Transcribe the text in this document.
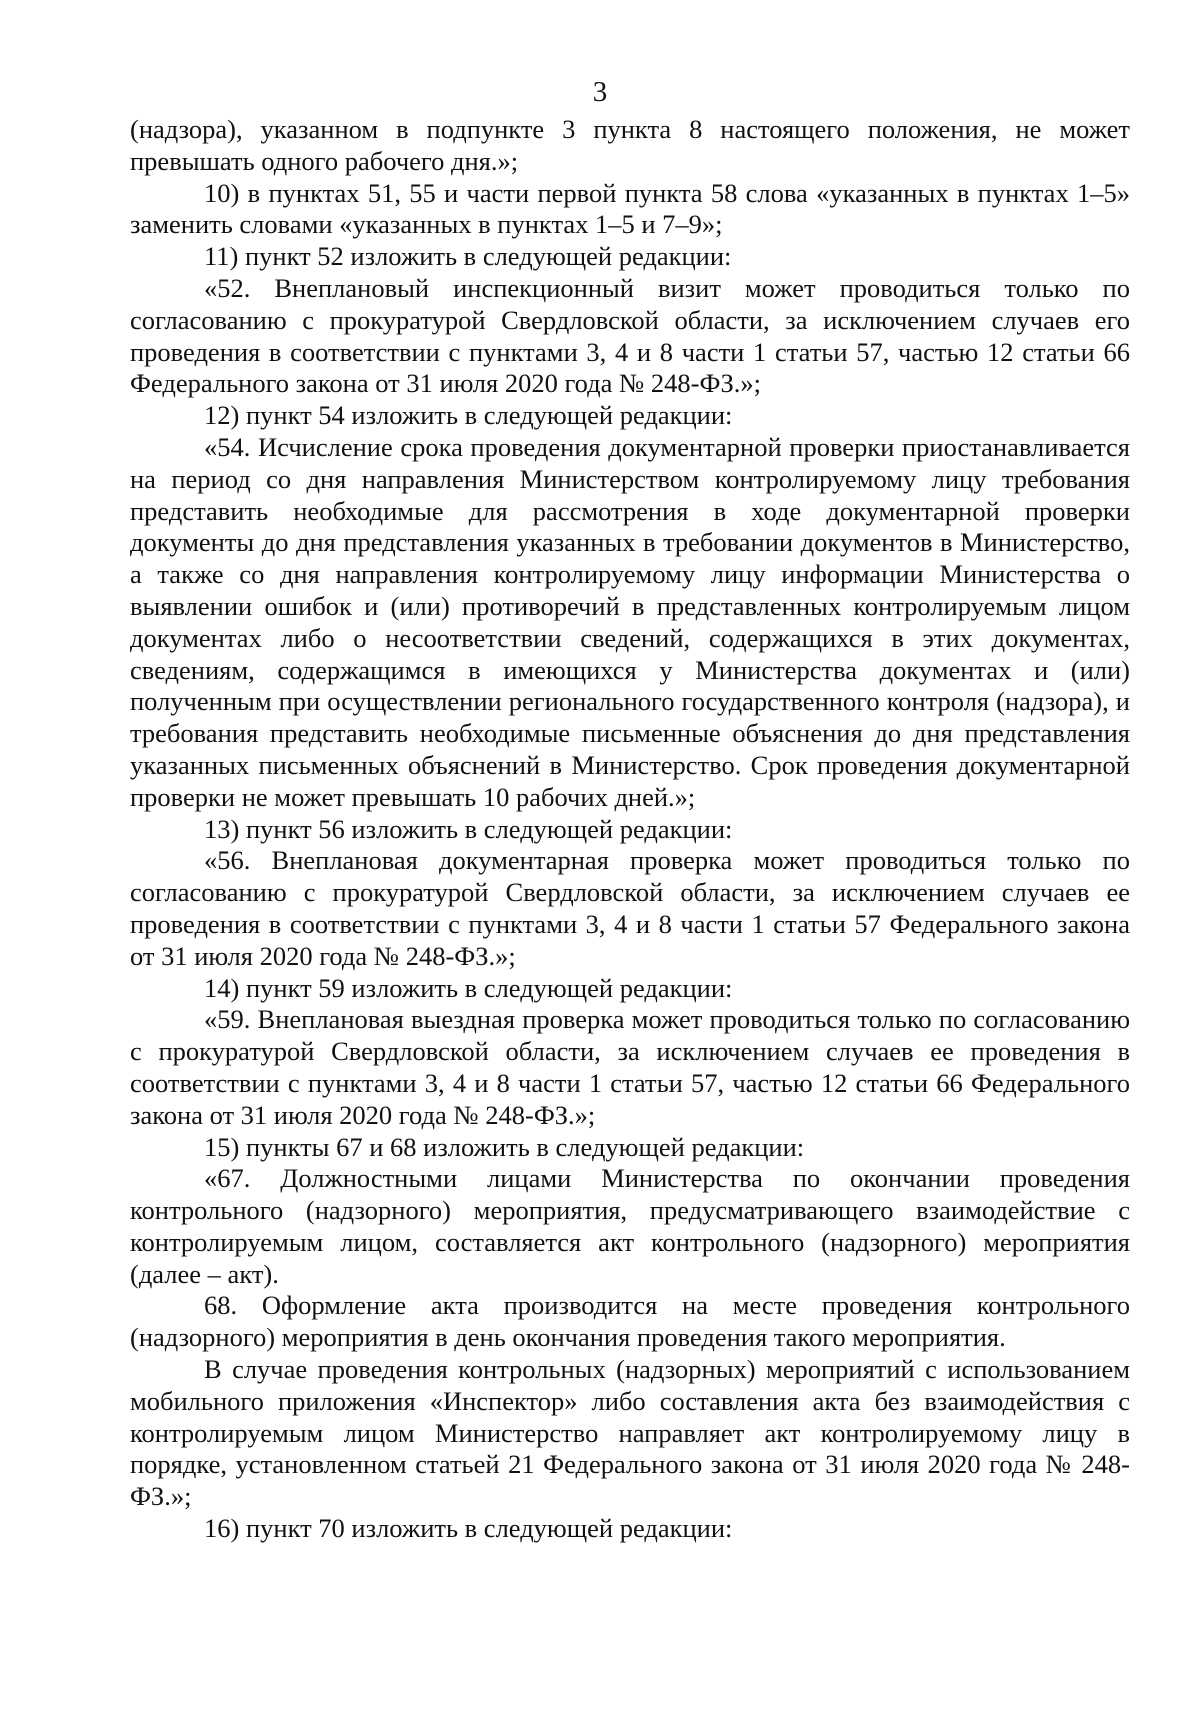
3

(надзора), указанном в подпункте 3 пункта 8 настоящего положения, не может превышать одного рабочего дня.»;

10) в пунктах 51, 55 и части первой пункта 58 слова «указанных в пунктах 1–5» заменить словами «указанных в пунктах 1–5 и 7–9»;

11) пункт 52 изложить в следующей редакции:

«52. Внеплановый инспекционный визит может проводиться только по согласованию с прокуратурой Свердловской области, за исключением случаев его проведения в соответствии с пунктами 3, 4 и 8 части 1 статьи 57, частью 12 статьи 66 Федерального закона от 31 июля 2020 года № 248-ФЗ.»;

12) пункт 54 изложить в следующей редакции:

«54. Исчисление срока проведения документарной проверки приостанавливается на период со дня направления Министерством контролируемому лицу требования представить необходимые для рассмотрения в ходе документарной проверки документы до дня представления указанных в требовании документов в Министерство, а также со дня направления контролируемому лицу информации Министерства о выявлении ошибок и (или) противоречий в представленных контролируемым лицом документах либо о несоответствии сведений, содержащихся в этих документах, сведениям, содержащимся в имеющихся у Министерства документах и (или) полученным при осуществлении регионального государственного контроля (надзора), и требования представить необходимые письменные объяснения до дня представления указанных письменных объяснений в Министерство. Срок проведения документарной проверки не может превышать 10 рабочих дней.»;

13) пункт 56 изложить в следующей редакции:

«56. Внеплановая документарная проверка может проводиться только по согласованию с прокуратурой Свердловской области, за исключением случаев ее проведения в соответствии с пунктами 3, 4 и 8 части 1 статьи 57 Федерального закона от 31 июля 2020 года № 248-ФЗ.»;

14) пункт 59 изложить в следующей редакции:

«59. Внеплановая выездная проверка может проводиться только по согласованию с прокуратурой Свердловской области, за исключением случаев ее проведения в соответствии с пунктами 3, 4 и 8 части 1 статьи 57, частью 12 статьи 66 Федерального закона от 31 июля 2020 года № 248-ФЗ.»;

15) пункты 67 и 68 изложить в следующей редакции:

«67. Должностными лицами Министерства по окончании проведения контрольного (надзорного) мероприятия, предусматривающего взаимодействие с контролируемым лицом, составляется акт контрольного (надзорного) мероприятия (далее – акт).

68. Оформление акта производится на месте проведения контрольного (надзорного) мероприятия в день окончания проведения такого мероприятия.

В случае проведения контрольных (надзорных) мероприятий с использованием мобильного приложения «Инспектор» либо составления акта без взаимодействия с контролируемым лицом Министерство направляет акт контролируемому лицу в порядке, установленном статьей 21 Федерального закона от 31 июля 2020 года № 248-ФЗ.»;

16) пункт 70 изложить в следующей редакции:
